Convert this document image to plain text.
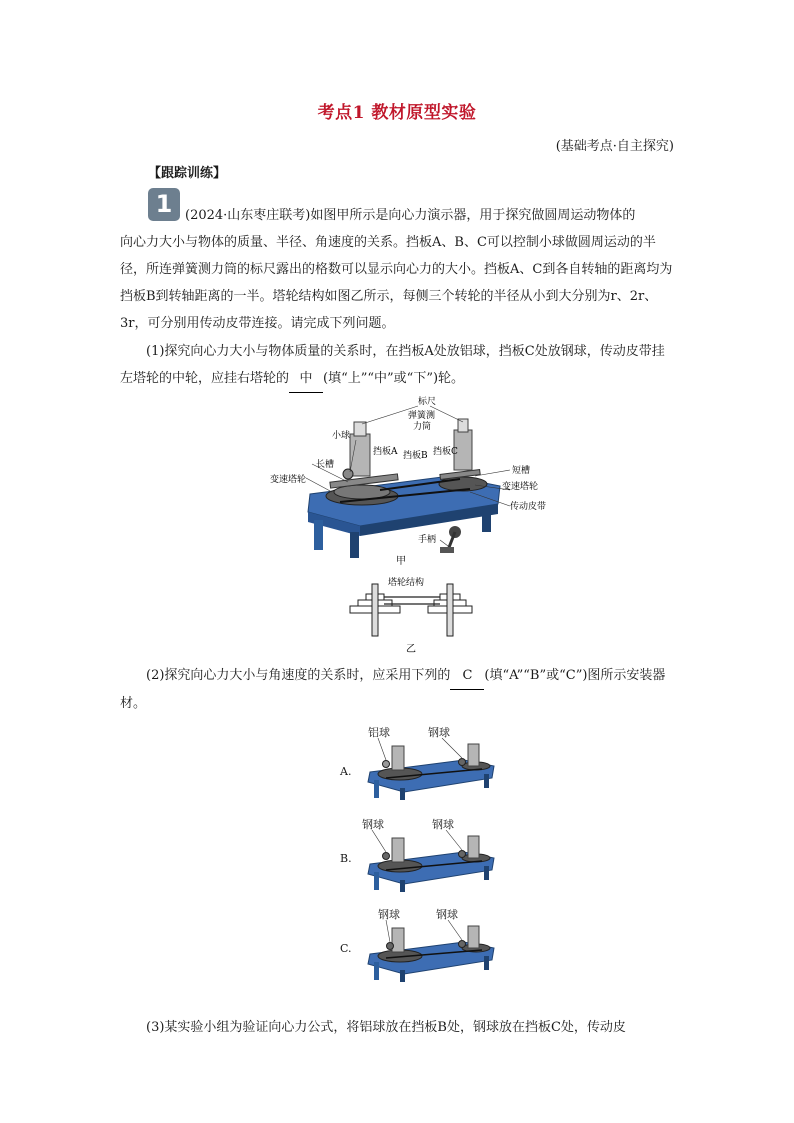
考点1 教材原型实验
(基础考点·自主探究)
【跟踪训练】
1 (2024·山东枣庄联考)如图甲所示是向心力演示器，用于探究做圆周运动物体的
向心力大小与物体的质量、半径、角速度的关系。挡板A、B、C可以控制小球做圆周运动的半径，所连弹簧测力筒的标尺露出的格数可以显示向心力的大小。挡板A、C到各自转轴的距离均为挡板B到转轴距离的一半。塔轮结构如图乙所示，每侧三个转轮的半径从小到大分别为r、2r、3r，可分别用传动皮带连接。请完成下列问题。
(1)探究向心力大小与物体质量的关系时，在挡板A处放铝球，挡板C处放钢球，传动皮带挂左塔轮的中轮，应挂右塔轮的 中 (填“上”“中”或“下”)轮。
标尺
弹簧测
力筒
小球
挡板A 挡板B 挡板C
长槽
变速塔轮
短槽
变速塔轮
传动皮带
手柄
甲
塔轮结构
乙
(2)探究向心力大小与角速度的关系时，应采用下列的 C (填“A”“B”或“C”)图所示安装器材。
A.
铝球	钢球
B.
钢球	钢球
C.
钢球	钢球
(3)某实验小组为验证向心力公式，将铝球放在挡板B处，钢球放在挡板C处，传动皮
